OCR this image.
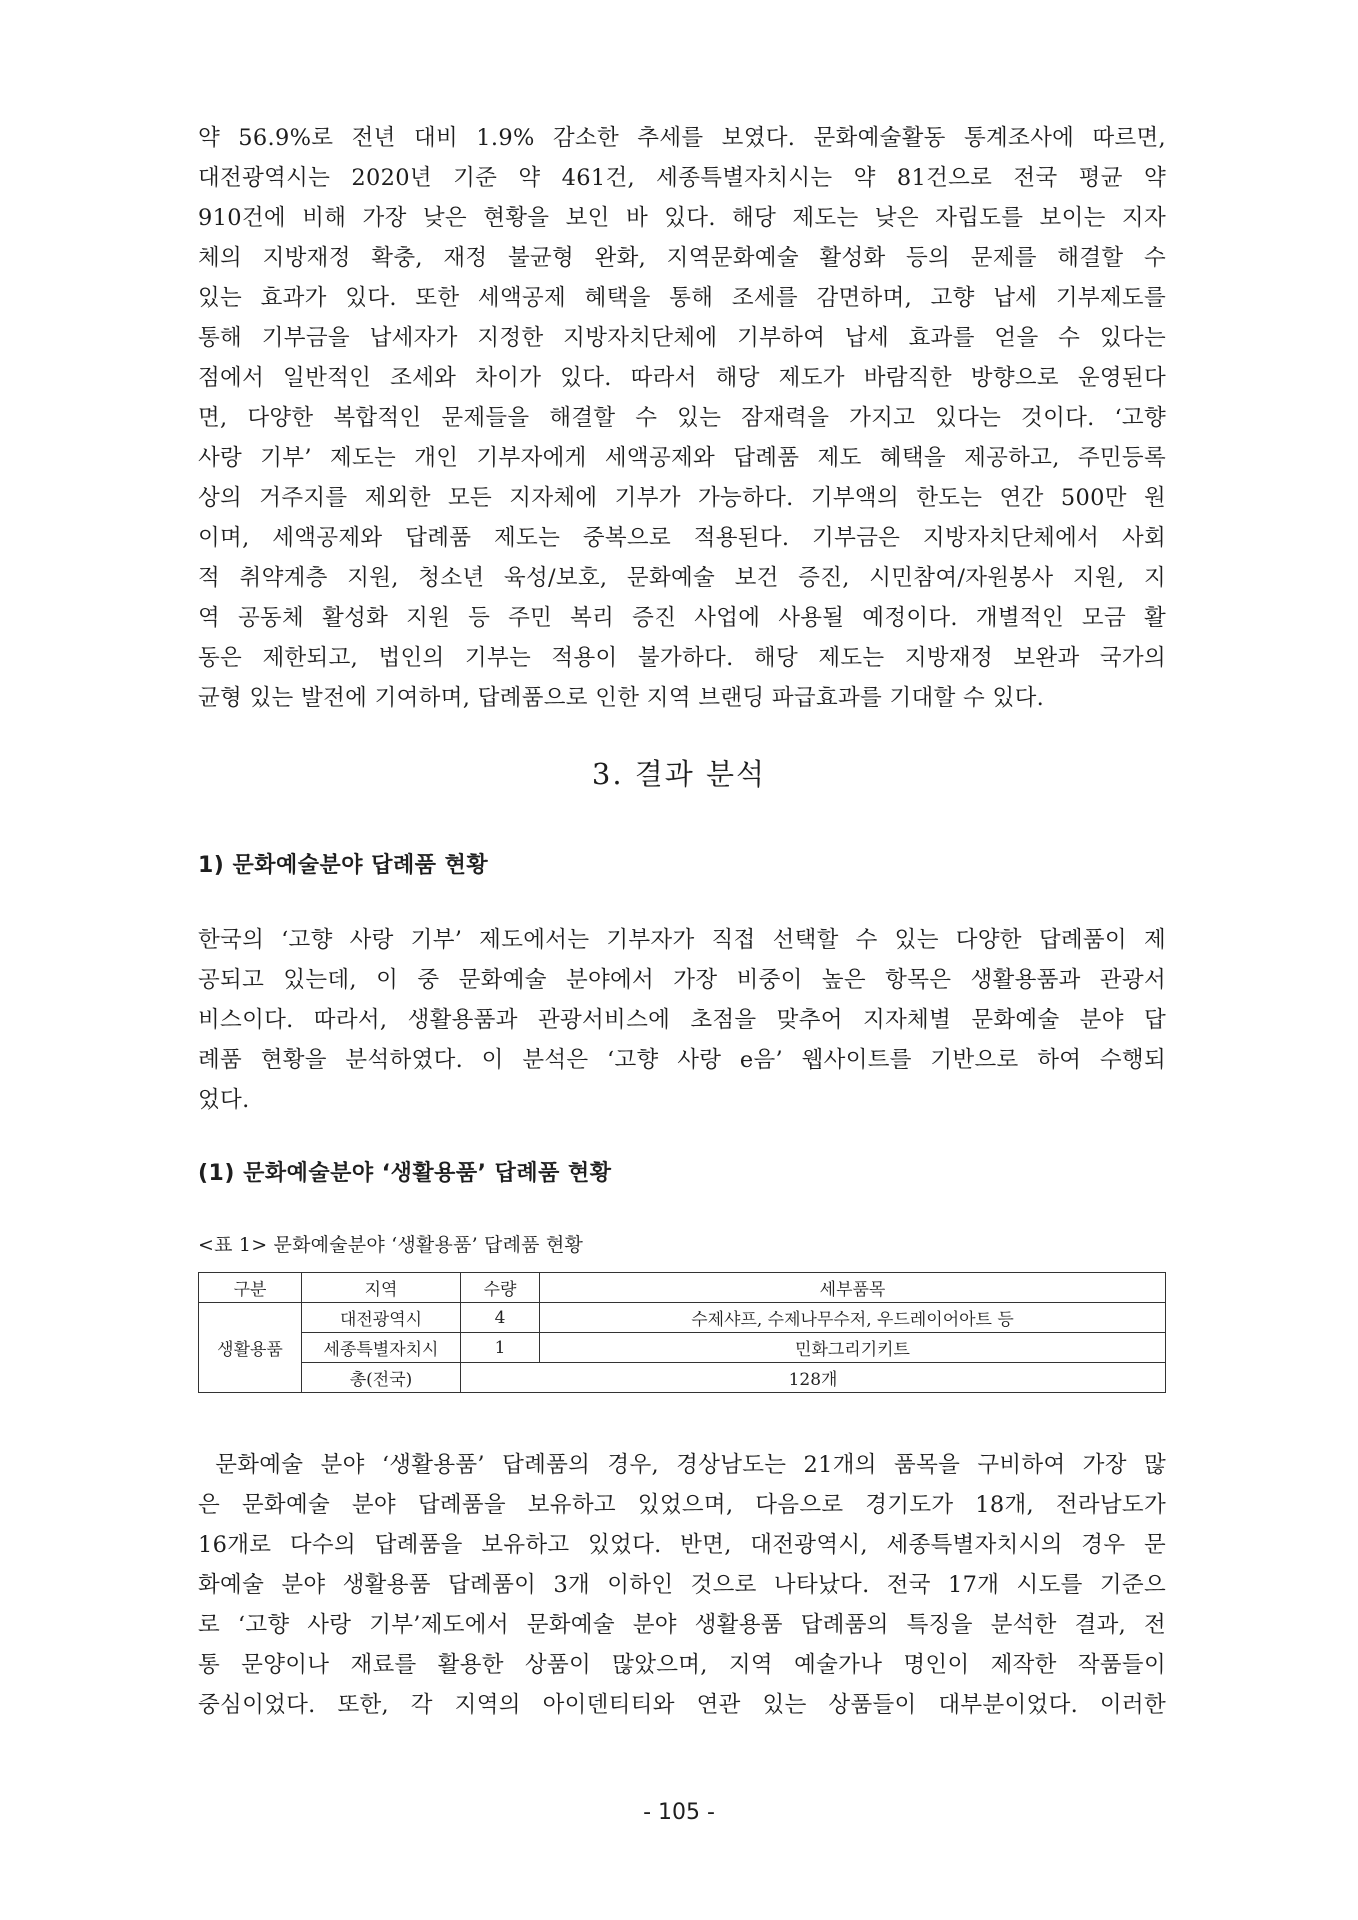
약 56.9%로 전년 대비 1.9% 감소한 추세를 보였다. 문화예술활동 통계조사에 따르면,
대전광역시는 2020년 기준 약 461건, 세종특별자치시는 약 81건으로 전국 평균 약
910건에 비해 가장 낮은 현황을 보인 바 있다. 해당 제도는 낮은 자립도를 보이는 지자
체의 지방재정 확충, 재정 불균형 완화, 지역문화예술 활성화 등의 문제를 해결할 수
있는 효과가 있다. 또한 세액공제 혜택을 통해 조세를 감면하며, 고향 납세 기부제도를
통해 기부금을 납세자가 지정한 지방자치단체에 기부하여 납세 효과를 얻을 수 있다는
점에서 일반적인 조세와 차이가 있다. 따라서 해당 제도가 바람직한 방향으로 운영된다
면, 다양한 복합적인 문제들을 해결할 수 있는 잠재력을 가지고 있다는 것이다. ‘고향
사랑 기부’ 제도는 개인 기부자에게 세액공제와 답례품 제도 혜택을 제공하고, 주민등록
상의 거주지를 제외한 모든 지자체에 기부가 가능하다. 기부액의 한도는 연간 500만 원
이며, 세액공제와 답례품 제도는 중복으로 적용된다. 기부금은 지방자치단체에서 사회
적 취약계층 지원, 청소년 육성/보호, 문화예술 보건 증진, 시민참여/자원봉사 지원, 지
역 공동체 활성화 지원 등 주민 복리 증진 사업에 사용될 예정이다. 개별적인 모금 활
동은 제한되고, 법인의 기부는 적용이 불가하다. 해당 제도는 지방재정 보완과 국가의
균형 있는 발전에 기여하며, 답례품으로 인한 지역 브랜딩 파급효과를 기대할 수 있다.
3. 결과 분석
1) 문화예술분야 답례품 현황
한국의 ‘고향 사랑 기부’ 제도에서는 기부자가 직접 선택할 수 있는 다양한 답례품이 제
공되고 있는데, 이 중 문화예술 분야에서 가장 비중이 높은 항목은 생활용품과 관광서
비스이다. 따라서, 생활용품과 관광서비스에 초점을 맞추어 지자체별 문화예술 분야 답
례품 현황을 분석하였다. 이 분석은 ‘고향 사랑 e음’ 웹사이트를 기반으로 하여 수행되
었다.
(1) 문화예술분야 ‘생활용품’ 답례품 현황
<표 1> 문화예술분야 ‘생활용품’ 답례품 현황
구분	지역	수량	세부품목
생활용품	대전광역시	4	수제샤프, 수제나무수저, 우드레이어아트 등
	세종특별자치시	1	민화그리기키트
	총(전국)	128개	
문화예술 분야 ‘생활용품’ 답례품의 경우, 경상남도는 21개의 품목을 구비하여 가장 많
은 문화예술 분야 답례품을 보유하고 있었으며, 다음으로 경기도가 18개, 전라남도가
16개로 다수의 답례품을 보유하고 있었다. 반면, 대전광역시, 세종특별자치시의 경우 문
화예술 분야 생활용품 답례품이 3개 이하인 것으로 나타났다. 전국 17개 시도를 기준으
로 ‘고향 사랑 기부’제도에서 문화예술 분야 생활용품 답례품의 특징을 분석한 결과, 전
통 문양이나 재료를 활용한 상품이 많았으며, 지역 예술가나 명인이 제작한 작품들이
중심이었다. 또한, 각 지역의 아이덴티티와 연관 있는 상품들이 대부분이었다. 이러한
- 105 -
